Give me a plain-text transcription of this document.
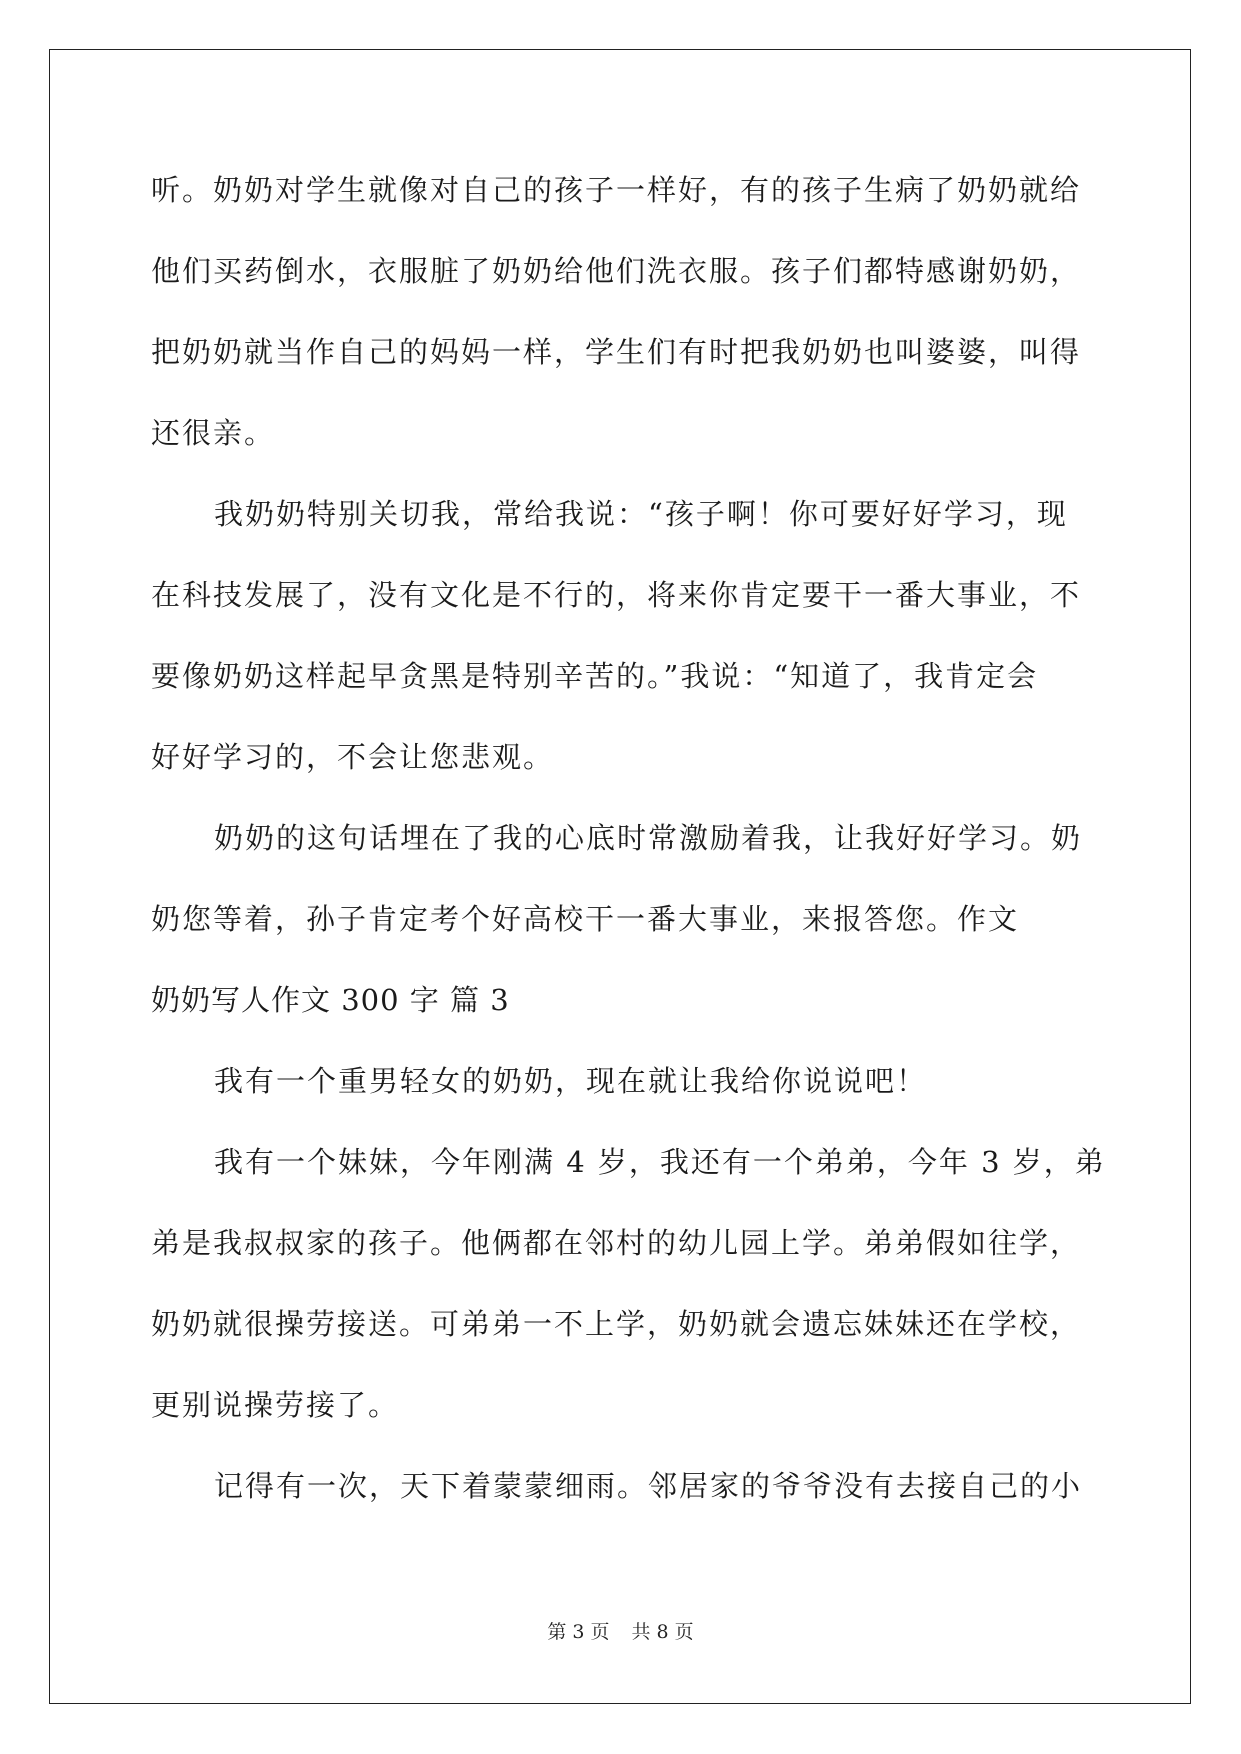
听。奶奶对学生就像对自己的孩子一样好，有的孩子生病了奶奶就给
他们买药倒水，衣服脏了奶奶给他们洗衣服。孩子们都特感谢奶奶，
把奶奶就当作自己的妈妈一样，学生们有时把我奶奶也叫婆婆，叫得
还很亲。
我奶奶特别关切我，常给我说：“孩子啊！你可要好好学习，现
在科技发展了，没有文化是不行的，将来你肯定要干一番大事业，不
要像奶奶这样起早贪黑是特别辛苦的。”我说：“知道了，我肯定会
好好学习的，不会让您悲观。
奶奶的这句话埋在了我的心底时常激励着我，让我好好学习。奶
奶您等着，孙子肯定考个好高校干一番大事业，来报答您。作文
奶奶写人作文 300 字 篇 3
我有一个重男轻女的奶奶，现在就让我给你说说吧！
我有一个妹妹，今年刚满 4 岁，我还有一个弟弟，今年 3 岁，弟
弟是我叔叔家的孩子。他俩都在邻村的幼儿园上学。弟弟假如往学，
奶奶就很操劳接送。可弟弟一不上学，奶奶就会遗忘妹妹还在学校，
更别说操劳接了。
记得有一次，天下着蒙蒙细雨。邻居家的爷爷没有去接自己的小
第 3 页 共 8 页
